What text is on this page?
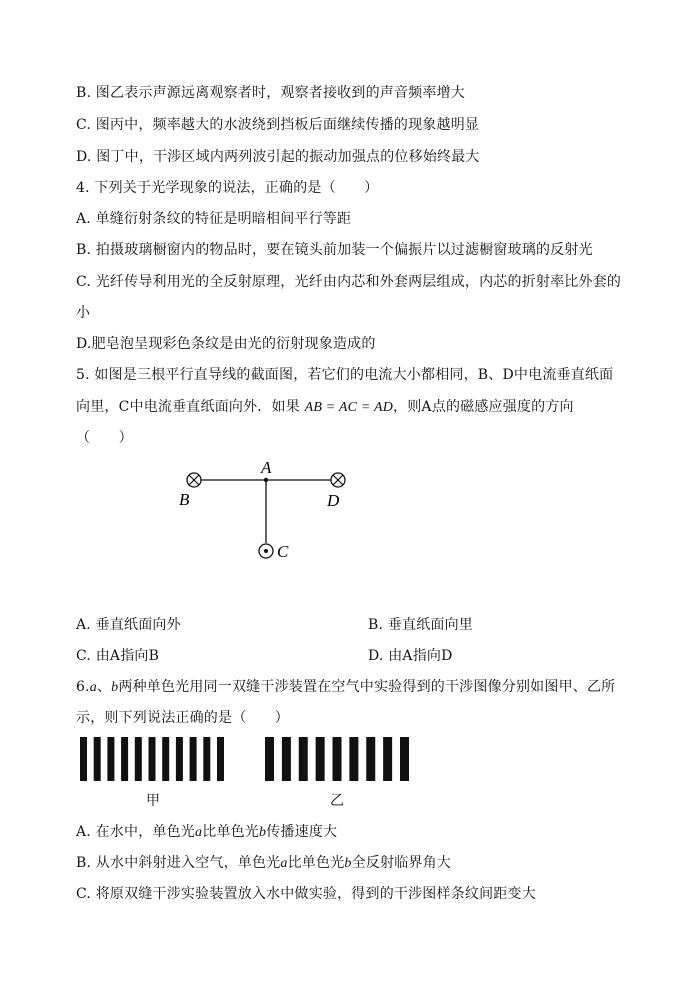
B. 图乙表示声源远离观察者时，观察者接收到的声音频率增大
C. 图丙中，频率越大的水波绕到挡板后面继续传播的现象越明显
D. 图丁中，干涉区域内两列波引起的振动加强点的位移始终最大
4. 下列关于光学现象的说法，正确的是（　　）
A. 单缝衍射条纹的特征是明暗相间平行等距
B. 拍摄玻璃橱窗内的物品时，要在镜头前加装一个偏振片以过滤橱窗玻璃的反射光
C. 光纤传导利用光的全反射原理，光纤由内芯和外套两层组成，内芯的折射率比外套的
小
D.肥皂泡呈现彩色条纹是由光的衍射现象造成的
5. 如图是三根平行直导线的截面图，若它们的电流大小都相同，B、D中电流垂直纸面
向里，C中电流垂直纸面向外．如果 AB = AC = AD，则A点的磁感应强度的方向
（　　）
A
B	D
C
A. 垂直纸面向外	B. 垂直纸面向里
C. 由A指向B	D. 由A指向D
6.a、b两种单色光用同一双缝干涉装置在空气中实验得到的干涉图像分别如图甲、乙所
示，则下列说法正确的是（　　）
甲	乙
A. 在水中，单色光a比单色光b传播速度大
B. 从水中斜射进入空气，单色光a比单色光b全反射临界角大
C. 将原双缝干涉实验装置放入水中做实验，得到的干涉图样条纹间距变大
